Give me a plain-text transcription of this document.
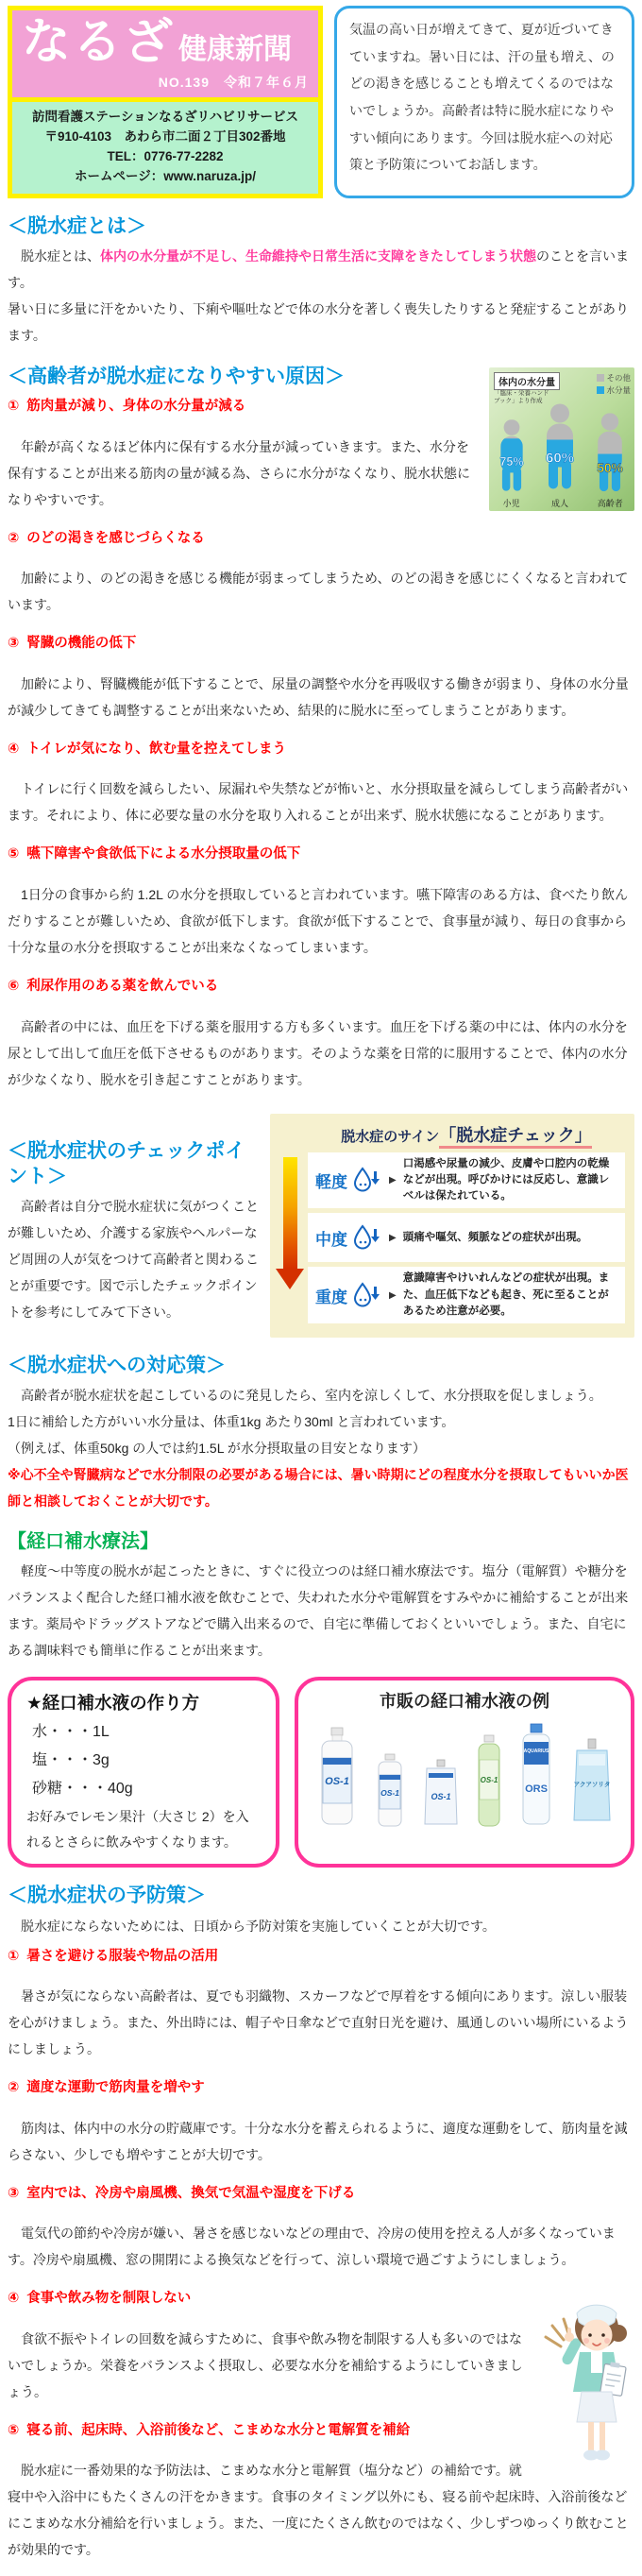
なるざ 健康新聞
NO.139　令和７年６月
訪問看護ステーションなるざリハビリサービス
〒910-4103　あわら市二面２丁目302番地
TEL：0776-77-2282
ホームページ：www.naruza.jp/
気温の高い日が増えてきて、夏が近づいてきていますね。暑い日には、汗の量も増え、のどの渇きを感じることも増えてくるのではないでしょうか。高齢者は特に脱水症になりやすい傾向にあります。今回は脱水症への対応策と予防策についてお話します。
＜脱水症とは＞

　脱水症とは、体内の水分量が不足し、生命維持や日常生活に支障をきたしてしまう状態のことを言います。

暑い日に多量に汗をかいたり、下痢や嘔吐などで体の水分を著しく喪失したりすると発症することがあります。

体内の水分量
「臨床・栄養ハンドブック」より作成
その他
水分量
75%
小児
60%
成人
50%
高齢者
＜高齢者が脱水症になりやすい原因＞
① 筋肉量が減り、身体の水分量が減る

　年齢が高くなるほど体内に保有する水分量が減っていきます。また、水分を保有することが出来る筋肉の量が減る為、さらに水分がなくなり、脱水状態になりやすいです。

② のどの渇きを感じづらくなる

　加齢により、のどの渇きを感じる機能が弱まってしまうため、のどの渇きを感じにくくなると言われています。

③ 腎臓の機能の低下

　加齢により、腎臓機能が低下することで、尿量の調整や水分を再吸収する働きが弱まり、身体の水分量が減少してきても調整することが出来ないため、結果的に脱水に至ってしまうことがあります。

④ トイレが気になり、飲む量を控えてしまう

　トイレに行く回数を減らしたい、尿漏れや失禁などが怖いと、水分摂取量を減らしてしまう高齢者がいます。それにより、体に必要な量の水分を取り入れることが出来ず、脱水状態になることがあります。

⑤ 嚥下障害や食欲低下による水分摂取量の低下

　1日分の食事から約 1.2L の水分を摂取していると言われています。嚥下障害のある方は、食べたり飲んだりすることが難しいため、食欲が低下します。食欲が低下することで、食事量が減り、毎日の食事から十分な量の水分を摂取することが出来なくなってしまいます。

⑥ 利尿作用のある薬を飲んでいる

　高齢者の中には、血圧を下げる薬を服用する方も多くいます。血圧を下げる薬の中には、体内の水分を尿として出して血圧を低下させるものがあります。そのような薬を日常的に服用することで、体内の水分が少なくなり、脱水を引き起こすことがあります。

＜脱水症状のチェックポイント＞

　高齢者は自分で脱水症状に気がつくことが難しいため、介護する家族やヘルパーなど周囲の人が気をつけて高齢者と関わることが重要です。図で示したチェックポイントを参考にしてみて下さい。

脱水症のサイン「脱水症チェック」
軽度	▶
口渇感や尿量の減少、皮膚や口腔内の乾燥などが出現。呼びかけには反応し、意識レベルは保たれている。
中度	▶ 頭痛や嘔気、頻脈などの症状が出現。
重度	▶
意識障害やけいれんなどの症状が出現。また、血圧低下なども起き、死に至ることがあるため注意が必要。
＜脱水症状への対応策＞

　高齢者が脱水症状を起こしているのに発見したら、室内を涼しくして、水分摂取を促しましょう。

1日に補給した方がいい水分量は、体重1kg あたり30ml と言われています。

（例えば、体重50kg の人では約1.5L が水分摂取量の目安となります）

※心不全や腎臓病などで水分制限の必要がある場合には、暑い時期にどの程度水分を摂取してもいいか医師と相談しておくことが大切です。

【経口補水療法】

　軽度～中等度の脱水が起こったときに、すぐに役立つのは経口補水療法です。塩分（電解質）や糖分をバランスよく配合した経口補水液を飲むことで、失われた水分や電解質をすみやかに補給することが出来ます。薬局やドラッグストアなどで購入出来るので、自宅に準備しておくといいでしょう。また、自宅にある調味料でも簡単に作ることが出来ます。

★経口補水液の作り方
水・・・1L
塩・・・3g
砂糖・・・40g
お好みでレモン果汁（大さじ 2）を入れるとさらに飲みやすくなります。
市販の経口補水液の例
OS-1
OS-1	OS-1
OS-1
AQUARIUS
ORS	アクアソリタ
＜脱水症状の予防策＞

　脱水症にならないためには、日頃から予防対策を実施していくことが大切です。

① 暑さを避ける服装や物品の活用

　暑さが気にならない高齢者は、夏でも羽織物、スカーフなどで厚着をする傾向にあります。涼しい服装を心がけましょう。また、外出時には、帽子や日傘などで直射日光を避け、風通しのいい場所にいるようにしましょう。

② 適度な運動で筋肉量を増やす

　筋肉は、体内中の水分の貯蔵庫です。十分な水分を蓄えられるように、適度な運動をして、筋肉量を減らさない、少しでも増やすことが大切です。

③ 室内では、冷房や扇風機、換気で気温や湿度を下げる

　電気代の節約や冷房が嫌い、暑さを感じないなどの理由で、冷房の使用を控える人が多くなっています。冷房や扇風機、窓の開閉による換気などを行って、涼しい環境で過ごすようにしましょう。

④ 食事や飲み物を制限しない

　食欲不振やトイレの回数を減らすために、食事や飲み物を制限する人も多いのではないでしょうか。栄養をバランスよく摂取し、必要な水分を補給するようにしていきましょう。

⑤ 寝る前、起床時、入浴前後など、こまめな水分と電解質を補給

　脱水症に一番効果的な予防法は、こまめな水分と電解質（塩分など）の補給です。就寝中や入浴中にもたくさんの汗をかきます。食事のタイミング以外にも、寝る前や起床時、入浴前後などにこまめな水分補給を行いましょう。また、一度にたくさん飲むのではなく、少しずつゆっくり飲むことが効果的です。
